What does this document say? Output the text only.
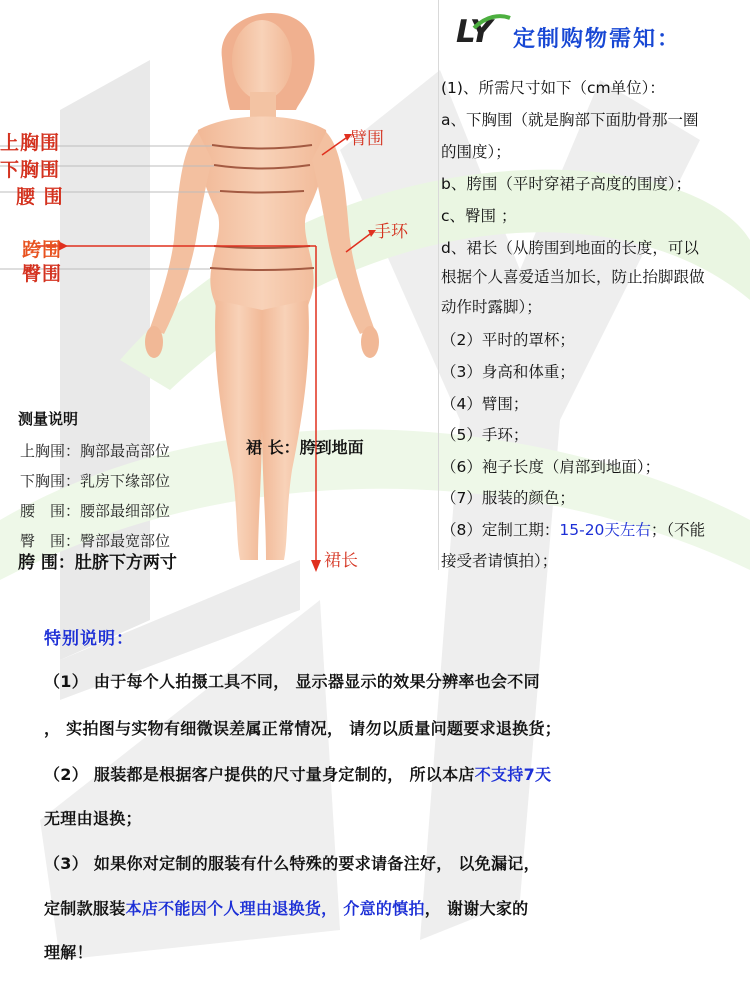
上胸围
下胸围
腰 围
跨围
臀围
臂围
手环
裙长
测量说明
上胸围：胸部最高部位
下胸围：乳房下缘部位
腰　围：腰部最细部位
臀　围：臀部最宽部位
胯 围：肚脐下方两寸
裙 长：胯到地面
LY 定制购物需知：
(1)、所需尺寸如下（cm单位）：
a、下胸围（就是胸部下面肋骨那一圈
的围度）；
b、胯围（平时穿裙子高度的围度）；
c、臀围 ；
d、裙长（从胯围到地面的长度，可以
根据个人喜爱适当加长，防止抬脚跟做
动作时露脚）；
（2）平时的罩杯；
（3）身高和体重；
（4）臂围；
（5）手环；
（6）袍子长度（肩部到地面）；
（7）服装的颜色；
（8）定制工期：15-20天左右；（不能
接受者请慎拍）；
特别说明：
（1） 由于每个人拍摄工具不同， 显示器显示的效果分辨率也会不同
， 实拍图与实物有细微误差属正常情况， 请勿以质量问题要求退换货；
（2） 服装都是根据客户提供的尺寸量身定制的， 所以本店不支持7天
无理由退换；
（3） 如果你对定制的服装有什么特殊的要求请备注好， 以免漏记，
定制款服装本店不能因个人理由退换货， 介意的慎拍， 谢谢大家的
理解！
